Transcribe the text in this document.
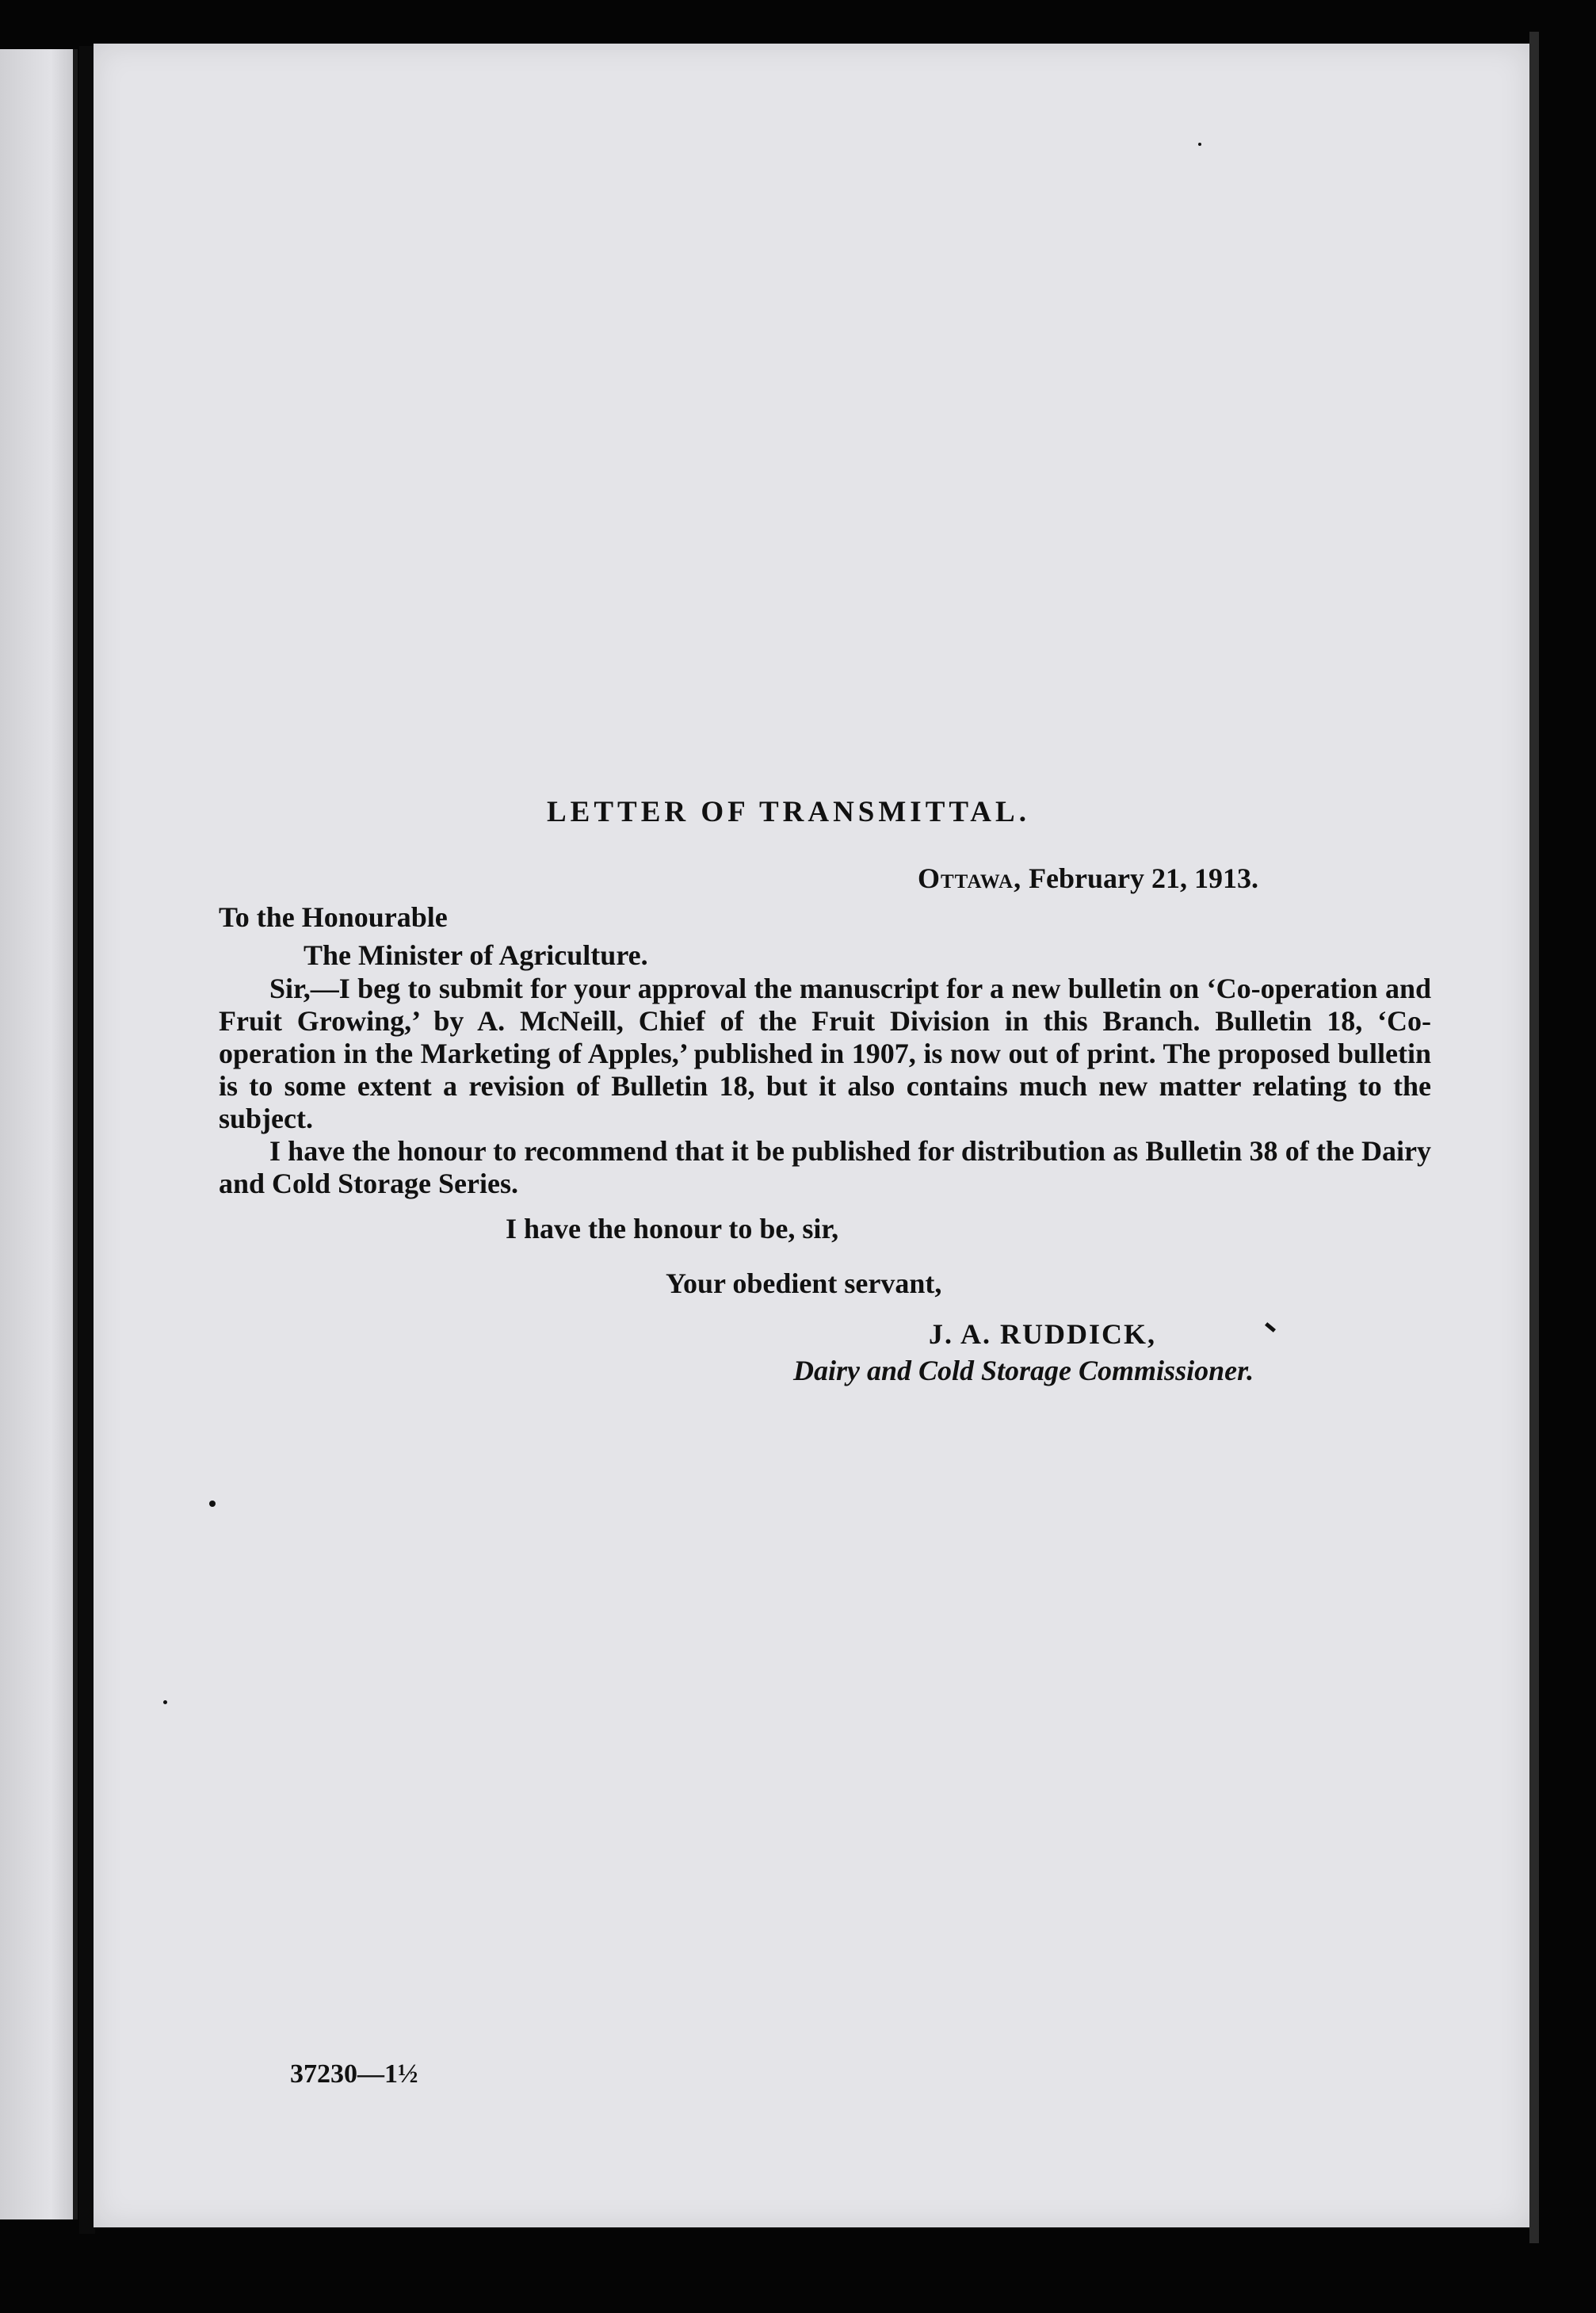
LETTER OF TRANSMITTAL.
Ottawa, February 21, 1913.
To the Honourable
The Minister of Agriculture.
Sir,—I beg to submit for your approval the manuscript for a new bulletin on ‘Co-operation and Fruit Growing,’ by A. McNeill, Chief of the Fruit Division in this Branch. Bulletin 18, ‘Co-operation in the Marketing of Apples,’ published in 1907, is now out of print. The proposed bulletin is to some extent a revision of Bulletin 18, but it also contains much new matter relating to the subject.
I have the honour to recommend that it be published for distribution as Bulletin 38 of the Dairy and Cold Storage Series.
I have the honour to be, sir,
Your obedient servant,
J. A. RUDDICK,
Dairy and Cold Storage Commissioner.
37230—1½
